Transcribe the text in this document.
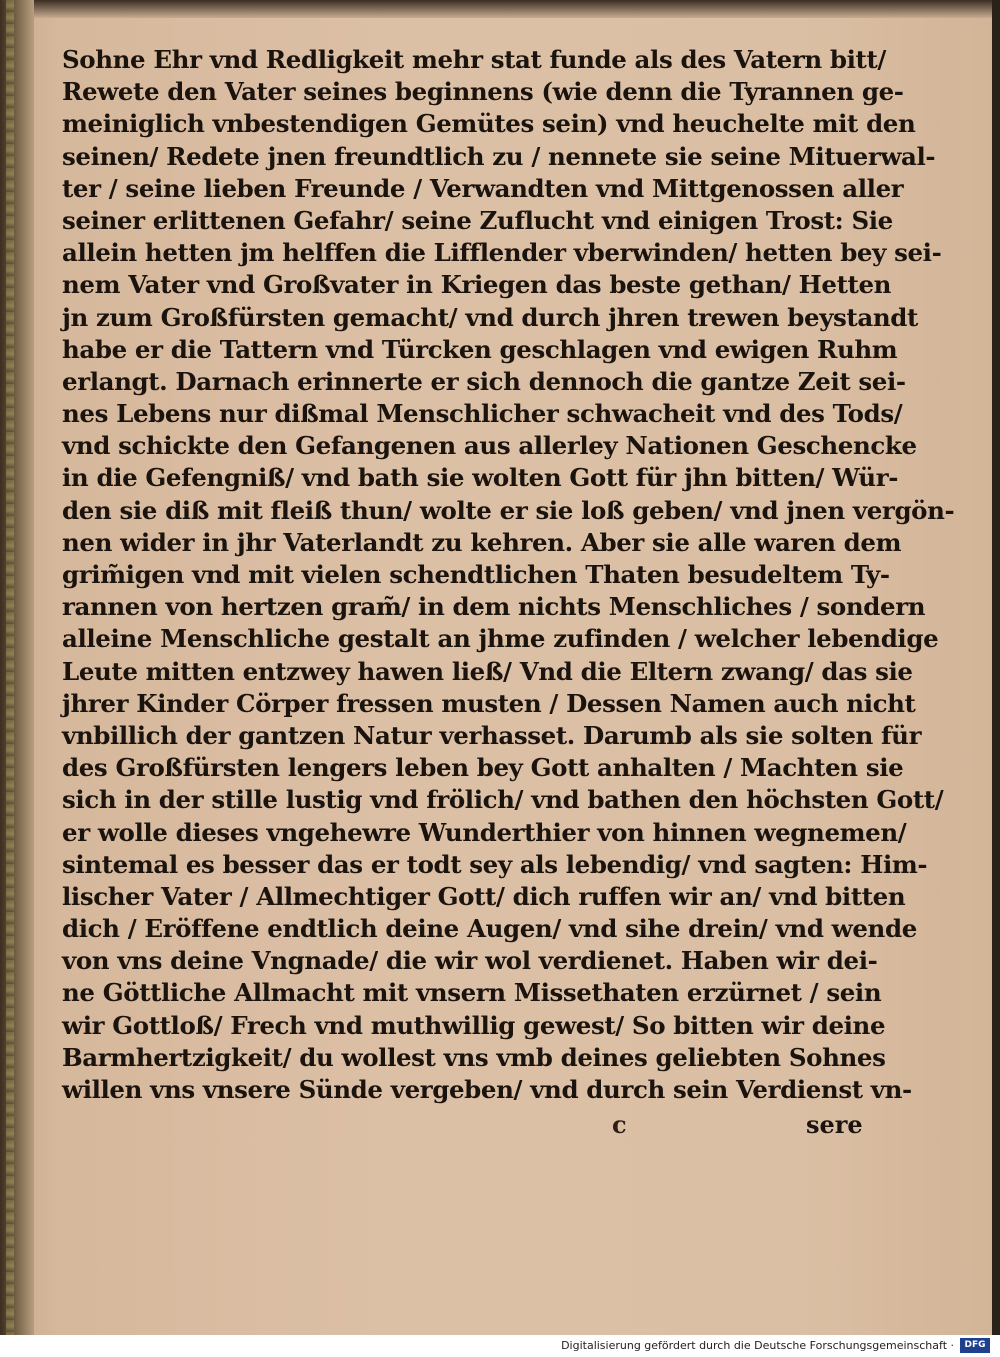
Sohne Ehr vnd Redligkeit mehr stat funde als des Vatern bitt/
Rewete den Vater seines beginnens (wie denn die Tyrannen ge-
meiniglich vnbestendigen Gemütes sein) vnd heuchelte mit den
seinen/ Redete jnen freundtlich zu / nennete sie seine Mituerwal-
ter / seine lieben Freunde / Verwandten vnd Mittgenossen aller
seiner erlittenen Gefahr/ seine Zuflucht vnd einigen Trost: Sie
allein hetten jm helffen die Lifflender vberwinden/ hetten bey sei-
nem Vater vnd Großvater in Kriegen das beste gethan/ Hetten
jn zum Großfürsten gemacht/ vnd durch jhren trewen beystandt
habe er die Tattern vnd Türcken geschlagen vnd ewigen Ruhm
erlangt. Darnach erinnerte er sich dennoch die gantze Zeit sei-
nes Lebens nur dißmal Menschlicher schwacheit vnd des Tods/
vnd schickte den Gefangenen aus allerley Nationen Geschencke
in die Gefengniß/ vnd bath sie wolten Gott für jhn bitten/ Wür-
den sie diß mit fleiß thun/ wolte er sie loß geben/ vnd jnen vergön-
nen wider in jhr Vaterlandt zu kehren. Aber sie alle waren dem
grim̃igen vnd mit vielen schendtlichen Thaten besudeltem Ty-
rannen von hertzen gram̃/ in dem nichts Menschliches / sondern
alleine Menschliche gestalt an jhme zufinden / welcher lebendige
Leute mitten entzwey hawen ließ/ Vnd die Eltern zwang/ das sie
jhrer Kinder Cörper fressen musten / Dessen Namen auch nicht
vnbillich der gantzen Natur verhasset. Darumb als sie solten für
des Großfürsten lengers leben bey Gott anhalten / Machten sie
sich in der stille lustig vnd frölich/ vnd bathen den höchsten Gott/
er wolle dieses vngehewre Wunderthier von hinnen wegnemen/
sintemal es besser das er todt sey als lebendig/ vnd sagten: Him-
lischer Vater / Allmechtiger Gott/ dich ruffen wir an/ vnd bitten
dich / Eröffene endtlich deine Augen/ vnd sihe drein/ vnd wende
von vns deine Vngnade/ die wir wol verdienet. Haben wir dei-
ne Göttliche Allmacht mit vnsern Missethaten erzürnet / sein
wir Gottloß/ Frech vnd muthwillig gewest/ So bitten wir deine
Barmhertzigkeit/ du wollest vns vmb deines geliebten Sohnes
willen vns vnsere Sünde vergeben/ vnd durch sein Verdienst vn-
c	sere
Digitalisierung gefördert durch die Deutsche Forschungsgemeinschaft ·	DFG
